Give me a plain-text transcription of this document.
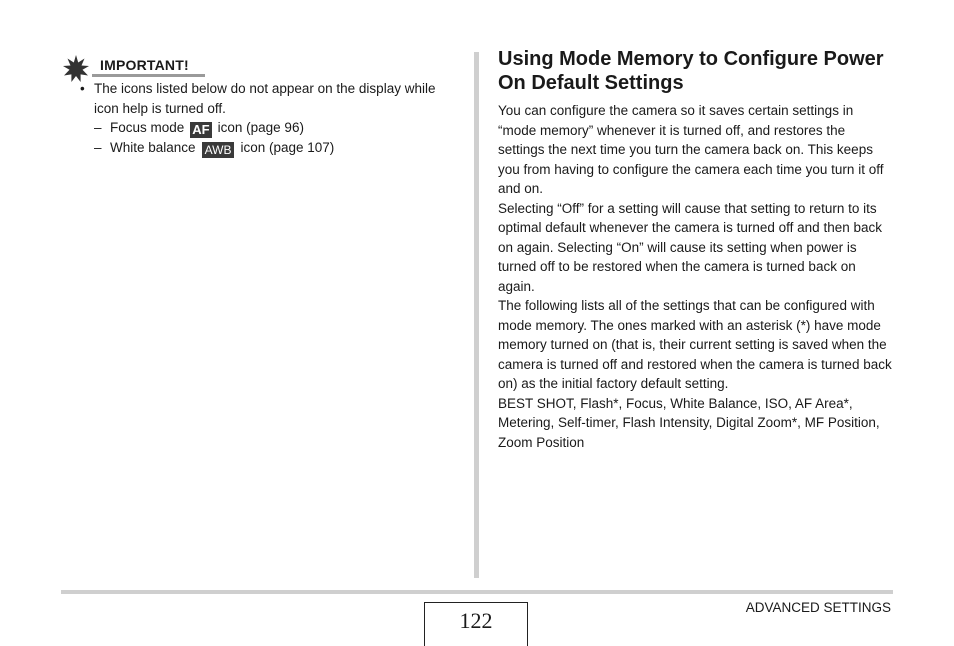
IMPORTANT!
• The icons listed below do not appear on the display while icon help is turned off.
– Focus mode AF icon (page 96)
– White balance AWB icon (page 107)
Using Mode Memory to Configure Power On Default Settings

You can configure the camera so it saves certain settings in “mode memory” whenever it is turned off, and restores the settings the next time you turn the camera back on. This keeps you from having to configure the camera each time you turn it off and on.

Selecting “Off” for a setting will cause that setting to return to its optimal default whenever the camera is turned off and then back on again. Selecting “On” will cause its setting when power is turned off to be restored when the camera is turned back on again.

The following lists all of the settings that can be configured with mode memory. The ones marked with an asterisk (*) have mode memory turned on (that is, their current setting is saved when the camera is turned off and restored when the camera is turned back on) as the initial factory default setting.

BEST SHOT, Flash*, Focus, White Balance, ISO, AF Area*, Metering, Self-timer, Flash Intensity, Digital Zoom*, MF Position, Zoom Position

ADVANCED SETTINGS
122
